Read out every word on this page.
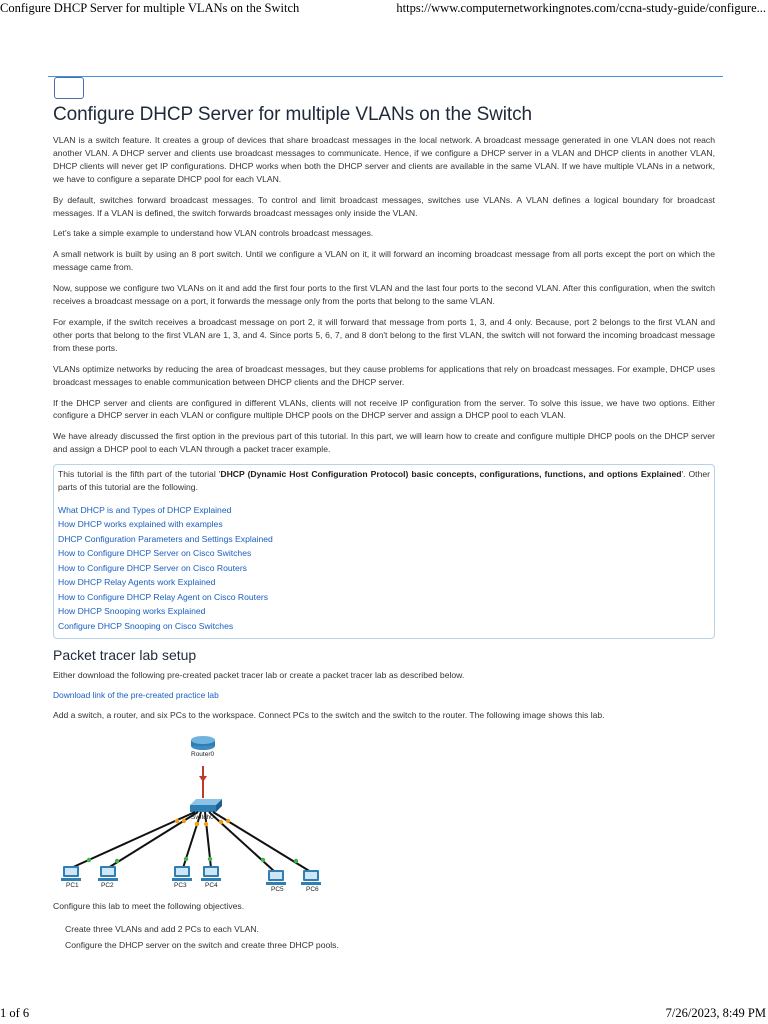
Configure DHCP Server for multiple VLANs on the Switch	https://www.computernetworkingnotes.com/ccna-study-guide/configure...
Configure DHCP Server for multiple VLANs on the Switch

VLAN is a switch feature. It creates a group of devices that share broadcast messages in the local network. A broadcast message generated in one VLAN does not reach another VLAN. A DHCP server and clients use broadcast messages to communicate. Hence, if we configure a DHCP server in a VLAN and DHCP clients in another VLAN, DHCP clients will never get IP configurations. DHCP works when both the DHCP server and clients are available in the same VLAN. If we have multiple VLANs in a network, we have to configure a separate DHCP pool for each VLAN.

By default, switches forward broadcast messages. To control and limit broadcast messages, switches use VLANs. A VLAN defines a logical boundary for broadcast messages. If a VLAN is defined, the switch forwards broadcast messages only inside the VLAN.

Let's take a simple example to understand how VLAN controls broadcast messages.

A small network is built by using an 8 port switch. Until we configure a VLAN on it, it will forward an incoming broadcast message from all ports except the port on which the message came from.

Now, suppose we configure two VLANs on it and add the first four ports to the first VLAN and the last four ports to the second VLAN. After this configuration, when the switch receives a broadcast message on a port, it forwards the message only from the ports that belong to the same VLAN.

For example, if the switch receives a broadcast message on port 2, it will forward that message from ports 1, 3, and 4 only. Because, port 2 belongs to the first VLAN and other ports that belong to the first VLAN are 1, 3, and 4. Since ports 5, 6, 7, and 8 don't belong to the first VLAN, the switch will not forward the incoming broadcast message from these ports.

VLANs optimize networks by reducing the area of broadcast messages, but they cause problems for applications that rely on broadcast messages. For example, DHCP uses broadcast messages to enable communication between DHCP clients and the DHCP server.

If the DHCP server and clients are configured in different VLANs, clients will not receive IP configuration from the server. To solve this issue, we have two options. Either configure a DHCP server in each VLAN or configure multiple DHCP pools on the DHCP server and assign a DHCP pool to each VLAN.

We have already discussed the first option in the previous part of this tutorial. In this part, we will learn how to create and configure multiple DHCP pools on the DHCP server and assign a DHCP pool to each VLAN through a packet tracer example.

This tutorial is the fifth part of the tutorial 'DHCP (Dynamic Host Configuration Protocol) basic concepts, configurations, functions, and options Explained'. Other parts of this tutorial are the following.

What DHCP is and Types of DHCP Explained
How DHCP works explained with examples
DHCP Configuration Parameters and Settings Explained
How to Configure DHCP Server on Cisco Switches
How to Configure DHCP Server on Cisco Routers
How DHCP Relay Agents work Explained
How to Configure DHCP Relay Agent on Cisco Routers
How DHCP Snooping works Explained
Configure DHCP Snooping on Cisco Switches
Packet tracer lab setup

Either download the following pre-created packet tracer lab or create a packet tracer lab as described below.

Download link of the pre-created practice lab

Add a switch, a router, and six PCs to the workspace. Connect PCs to the switch and the switch to the router. The following image shows this lab.

Router0
Switch0
PC1	PC2	PC3	PC4
PC5	PC6

Configure this lab to meet the following objectives.

Create three VLANs and add 2 PCs to each VLAN.
Configure the DHCP server on the switch and create three DHCP pools.
1 of 6	7/26/2023, 8:49 PM
